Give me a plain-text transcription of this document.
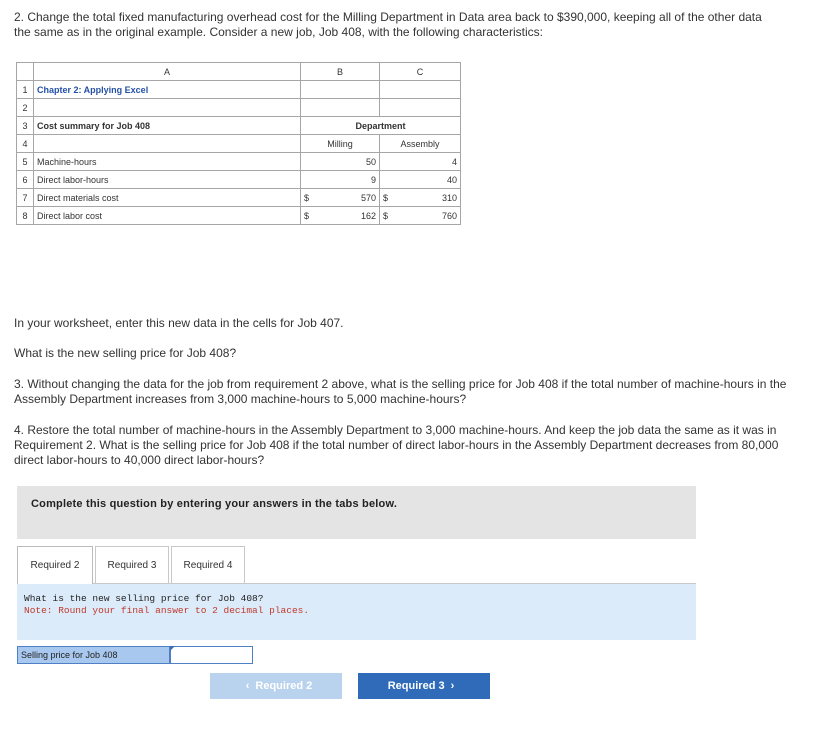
2. Change the total fixed manufacturing overhead cost for the Milling Department in Data area back to $390,000, keeping all of the other data the same as in the original example. Consider a new job, Job 408, with the following characteristics:

	A	B		C	
1	Chapter 2: Applying Excel				
2					
3	Cost summary for Job 408	Department			
4		Milling		Assembly	
5	Machine-hours		50		4
6	Direct labor-hours		9		40
7	Direct materials cost	$	570	$	310
8	Direct labor cost	$	162	$	760

In your worksheet, enter this new data in the cells for Job 407.

What is the new selling price for Job 408?

3. Without changing the data for the job from requirement 2 above, what is the selling price for Job 408 if the total number of machine-hours in the Assembly Department increases from 3,000 machine-hours to 5,000 machine-hours?

4. Restore the total number of machine-hours in the Assembly Department to 3,000 machine-hours. And keep the job data the same as it was in Requirement 2. What is the selling price for Job 408 if the total number of direct labor-hours in the Assembly Department decreases from 80,000 direct labor-hours to 40,000 direct labor-hours?

Complete this question by entering your answers in the tabs below.
Required 2	Required 3	Required 4
What is the new selling price for Job 408?
Note: Round your final answer to 2 decimal places.
Selling price for Job 408
‹ Required 2	Required 3 ›
